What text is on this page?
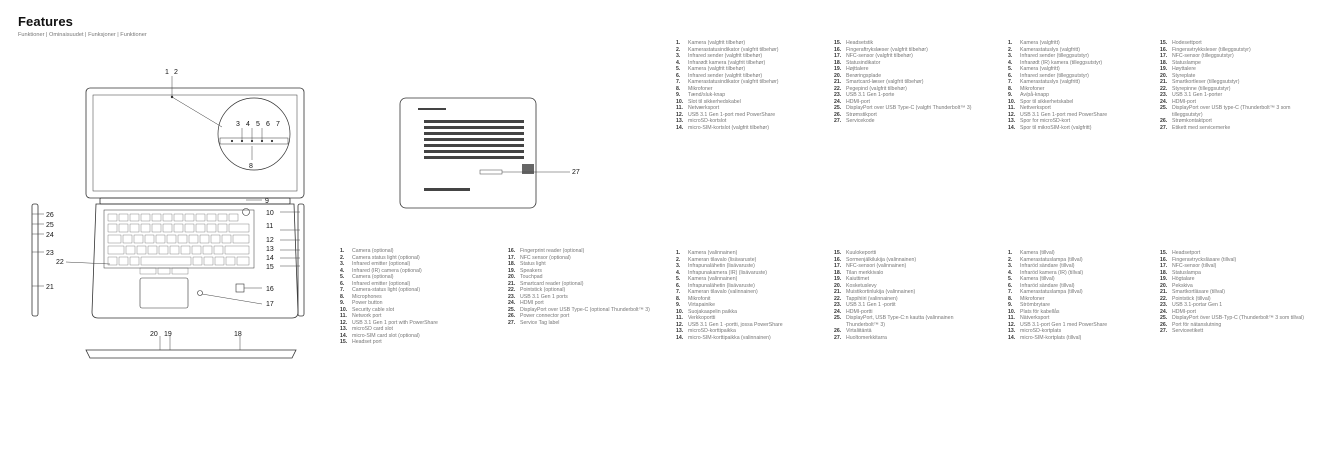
Features
Funktioner | Ominaisuudet | Funksjoner | Funktioner
1 2
3 4 5 6 7
8
9
10
11
12
13
14
15
16
17
26
25
24
23
22
21
20 19	18
27
1.	Camera (optional)
2.	Camera status light (optional)
3.	Infrared emitter (optional)
4.	Infrared (IR) camera (optional)
5.	Camera (optional)
6.	Infrared emitter (optional)
7.	Camera-status light (optional)
8.	Microphones
9.	Power button
10. Security cable slot
11. Network port
12. USB 3.1 Gen 1 port with PowerShare
13. microSD card slot
14. micro-SIM card slot (optional)
15. Headset port
16. Fingerprint reader (optional)
17. NFC sensor (optional)
18. Status light
19. Speakers
20. Touchpad
21. Smartcard reader (optional)
22. Pointstick (optional)
23. USB 3.1 Gen 1 ports
24. HDMI port
25. DisplayPort over USB Type-C (optional Thunderbolt™ 3)
26. Power connector port
27. Service Tag label
1.	Kamera (valgfrit tilbehør)
2.	Kamerastatusindikator (valgfrit tilbehør)
3.	Infrared sender (valgfrit tilbehør)
4.	Infrarødt kamera (valgfrit tilbehør)
5.	Kamera (valgfrit tilbehør)
6.	Infrared sender (valgfrit tilbehør)
7.	Kamerastatusindikator (valgfrit tilbehør)
8.	Mikrofoner
9.	Tænd/sluk-knap
10. Slot til sikkerhedskabel
11. Netværksport
12. USB 3.1 Gen 1-port med PowerShare
13. microSD-kortslot
14. micro-SIM-kortslot (valgfrit tilbehør)
15. Headsetstik
16. Fingeraftrykslæser (valgfrit tilbehør)
17. NFC-sensor (valgfrit tilbehør)
18. Statusindikator
19. Højttalere
20. Berøringsplade
21. Smartcard-læser (valgfrit tilbehør)
22. Pegepind (valgfrit tilbehør)
23. USB 3.1 Gen 1-porte
24. HDMI-port
25. DisplayPort over USB Type-C (valgfri Thunderbolt™ 3)
26. Strømstikport
27. Servicekode
1.	Kamera (valgfritt)
2.	Kamerastatuslys (valgfritt)
3.	Infrared sender (tilleggsutstyr)
4.	Infrarødt (IR) kamera (tilleggsutstyr)
5.	Kamera (valgfritt)
6.	Infrared sender (tilleggsutstyr)
7.	Kamerastatuslys (valgfritt)
8.	Mikrofoner
9.	Av/på-knapp
10. Spor til sikkerhetskabel
11. Nettverksport
12. USB 3.1 Gen 1-port med PowerShare
13. Spor for microSD-kort
14. Spor til mikroSIM-kort (valgfritt)
15. Hodesettport
16. Fingeravtrykksleser (tilleggsutstyr)
17. NFC-sensor (tilleggsutstyr)
18. Statuslampe
19. Høyttalere
20. Styreplate
21. Smartkortleser (tilleggsutstyr)
22. Styrepinne (tilleggsutstyr)
23. USB 3.1 Gen 1-porter
24. HDMI-port
25. DisplayPort over USB type-C (Thunderbolt™ 3 som tilleggsutstyr)
26. Strømkontaktport
27. Etikett med servicemerke
1.	Kamera (valinnainen)
2.	Kameran tilavalo (lisävaruste)
3.	Infrapunalähetin (lisävaruste)
4.	Infrapunakamera (IR) (lisävaruste)
5.	Kamera (valinnainen)
6.	Infrapunalähetin (lisävaruste)
7.	Kameran tilavalo (valinnainen)
8.	Mikrofonit
9.	Virtapainike
10. Suojakaapelin paikka
11. Verkkoportti
12. USB 3.1 Gen 1 -portti, jossa PowerShare
13. microSD-korttipaikka
14. micro-SIM-korttipaikka (valinnainen)
15. Kuulokeportti
16. Sormenjälkilukija (valinnainen)
17. NFC-sensori (valinnainen)
18. Tilan merkkivalo
19. Kaiuttimet
20. Kosketuslevy
21. Muistikortinlukija (valinnainen)
22. Tappihiiri (valinnainen)
23. USB 3.1 Gen 1 -portit
24. HDMI-portti
25. DisplayPort, USB Type-C:n kautta (valinnainen Thunderbolt™ 3)
26. Virtaliitäntä
27. Huoltomerkkitarra
1.	Kamera (tillval)
2.	Kamerastatuslampa (tillval)
3.	Infraröd sändare (tillval)
4.	Infraröd kamera (IR) (tillval)
5.	Kamera (tillval)
6.	Infraröd sändare (tillval)
7.	Kamerastatuslampa (tillval)
8.	Mikrofoner
9.	Strömbrytare
10. Plats för kabellås
11. Nätverksport
12. USB 3.1-port Gen 1 med PowerShare
13. microSD-kortplats
14. micro-SIM-kortplats (tillval)
15. Headsetport
16. Fingeravtrycksläsare (tillval)
17. NFC-sensor (tillval)
18. Statuslampa
19. Högtalare
20. Pekskiva
21. Smartkortläsare (tillval)
22. Pointstick (tillval)
23. USB 3.1-portar Gen 1
24. HDMI-port
25. DisplayPort över USB-Typ-C (Thunderbolt™ 3 som tillval)
26. Port för nätanslutning
27. Serviceetikett
